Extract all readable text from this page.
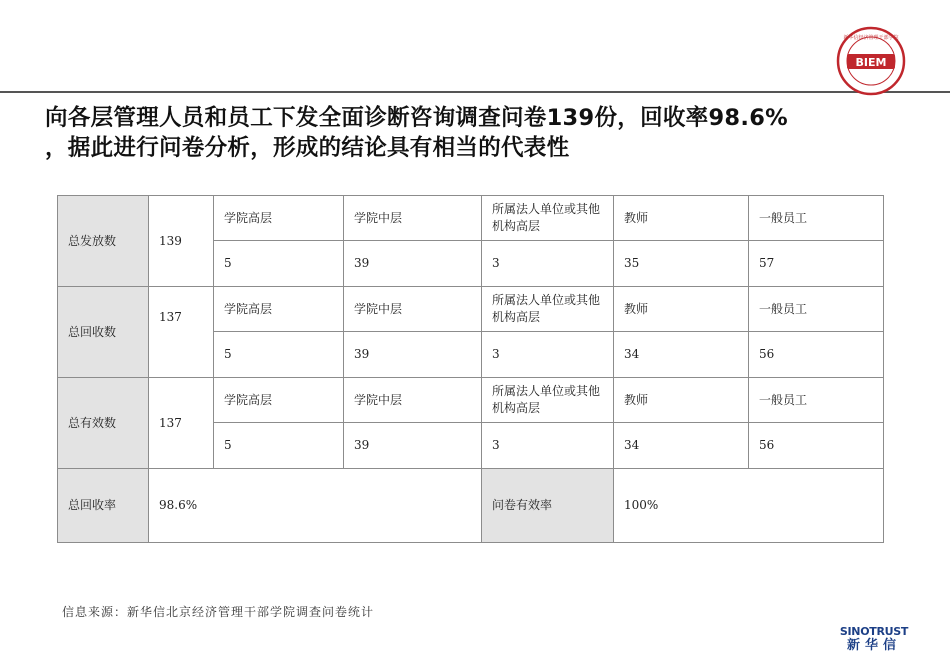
新华信经济管理干部学院
BIEM
向各层管理人员和员工下发全面诊断咨询调查问卷139份，回收率98.6%
，据此进行问卷分析，形成的结论具有相当的代表性
总发放数	139	学院高层	学院中层	所属法人单位或其他机构高层	教师	一般员工
		5	39	3	35	57
总回收数	137	学院高层	学院中层	所属法人单位或其他机构高层	教师	一般员工
		5	39	3	34	56
总有效数	137	学院高层	学院中层	所属法人单位或其他机构高层	教师	一般员工
		5	39	3	34	56
总回收率	98.6%			问卷有效率	100%	
信息来源：新华信北京经济管理干部学院调查问卷统计
SINOTRUST
新华信
